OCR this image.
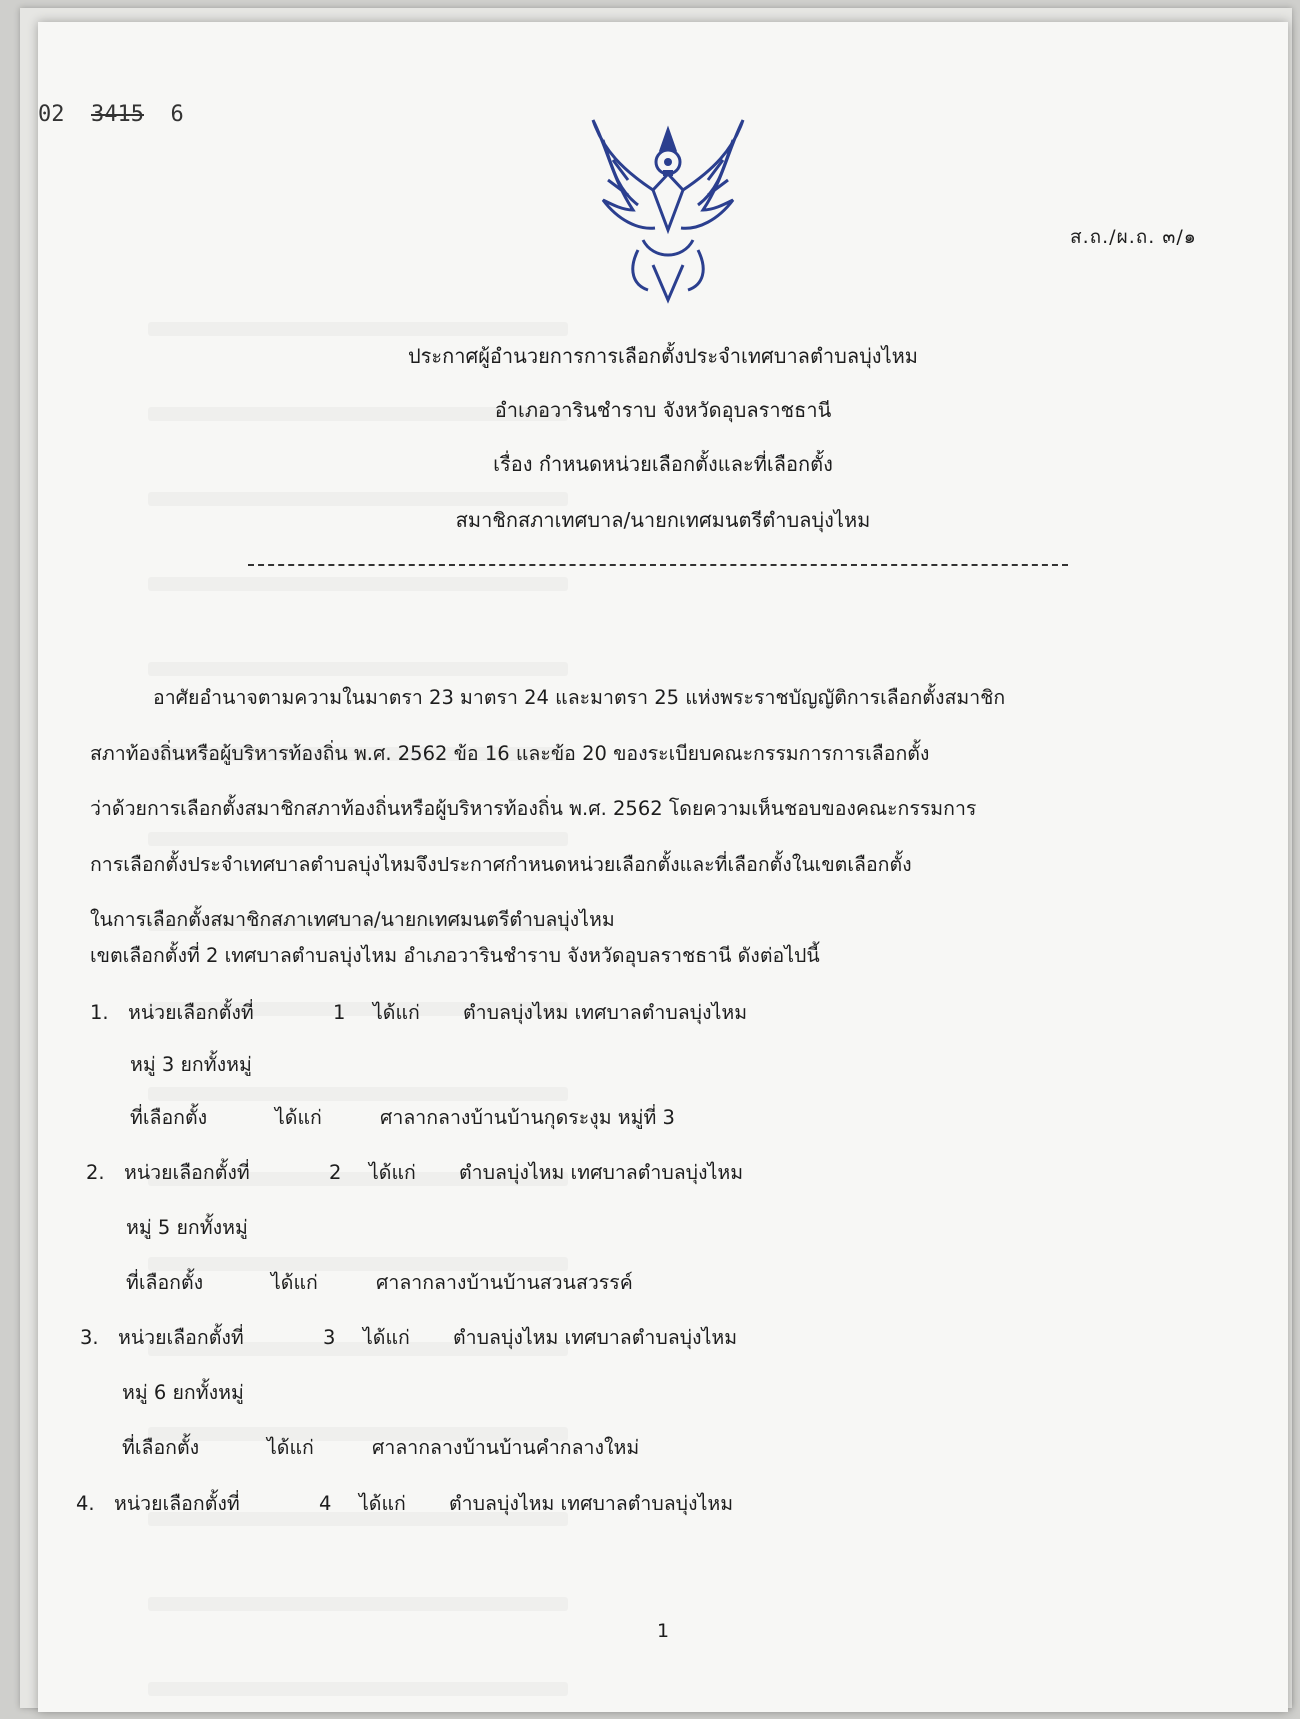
02 3415 6
ส.ถ./ผ.ถ. ๓/๑
ประกาศผู้อำนวยการการเลือกตั้งประจำเทศบาลตำบลบุ่งไหม
อำเภอวารินชำราบ จังหวัดอุบลราชธานี
เรื่อง กำหนดหน่วยเลือกตั้งและที่เลือกตั้ง
สมาชิกสภาเทศบาล/นายกเทศมนตรีตำบลบุ่งไหม

อาศัยอำนาจตามความในมาตรา 23 มาตรา 24 และมาตรา 25 แห่งพระราชบัญญัติการเลือกตั้งสมาชิก

สภาท้องถิ่นหรือผู้บริหารท้องถิ่น พ.ศ. 2562 ข้อ 16 และข้อ 20 ของระเบียบคณะกรรมการการเลือกตั้ง

ว่าด้วยการเลือกตั้งสมาชิกสภาท้องถิ่นหรือผู้บริหารท้องถิ่น พ.ศ. 2562 โดยความเห็นชอบของคณะกรรมการ

การเลือกตั้งประจำเทศบาลตำบลบุ่งไหมจึงประกาศกำหนดหน่วยเลือกตั้งและที่เลือกตั้งในเขตเลือกตั้ง

ในการเลือกตั้งสมาชิกสภาเทศบาล/นายกเทศมนตรีตำบลบุ่งไหม

เขตเลือกตั้งที่ 2 เทศบาลตำบลบุ่งไหม อำเภอวารินชำราบ จังหวัดอุบลราชธานี ดังต่อไปนี้
1. หน่วยเลือกตั้งที่	1 ได้แก่ ตำบลบุ่งไหม เทศบาลตำบลบุ่งไหม
หมู่ 3 ยกทั้งหมู่
ที่เลือกตั้ง	ได้แก่	ศาลากลางบ้านบ้านกุดระงุม หมู่ที่ 3
2. หน่วยเลือกตั้งที่	2 ได้แก่ ตำบลบุ่งไหม เทศบาลตำบลบุ่งไหม
หมู่ 5 ยกทั้งหมู่
ที่เลือกตั้ง	ได้แก่	ศาลากลางบ้านบ้านสวนสวรรค์
3. หน่วยเลือกตั้งที่	3 ได้แก่ ตำบลบุ่งไหม เทศบาลตำบลบุ่งไหม
หมู่ 6 ยกทั้งหมู่
ที่เลือกตั้ง	ได้แก่	ศาลากลางบ้านบ้านคำกลางใหม่
4. หน่วยเลือกตั้งที่	4 ได้แก่ ตำบลบุ่งไหม เทศบาลตำบลบุ่งไหม
1
